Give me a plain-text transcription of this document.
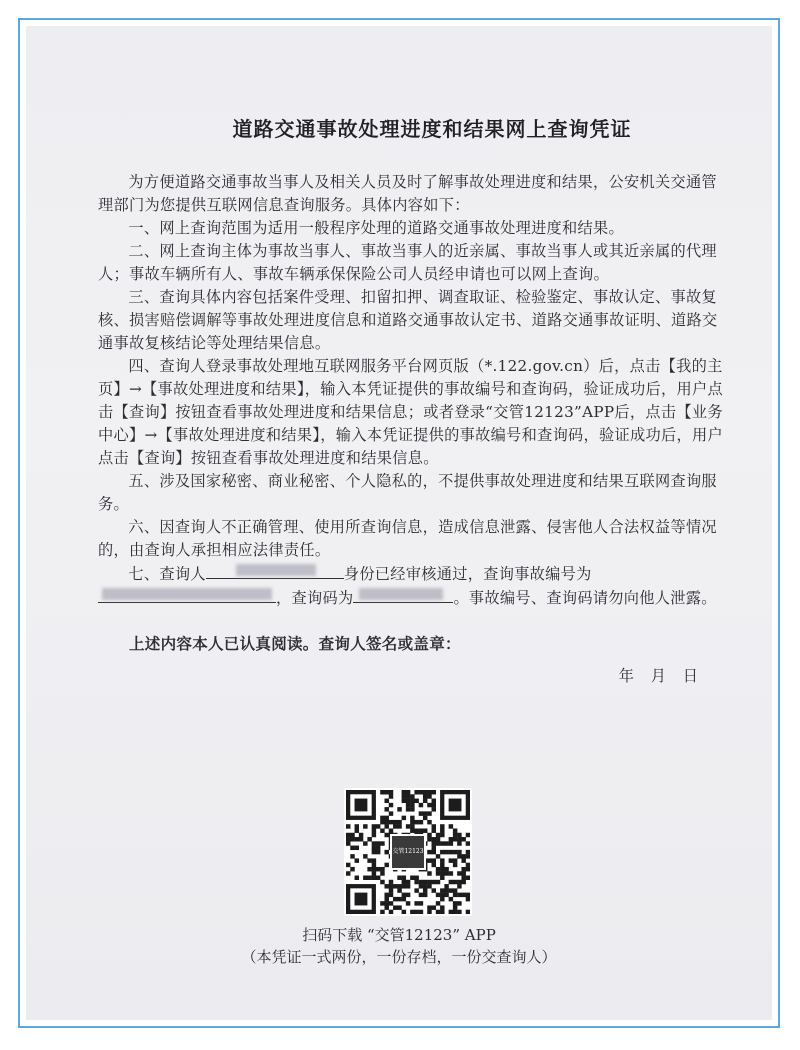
道路交通事故处理进度和结果网上查询凭证

为方便道路交通事故当事人及相关人员及时了解事故处理进度和结果，公安机关交通管理部门为您提供互联网信息查询服务。具体内容如下：

一、网上查询范围为适用一般程序处理的道路交通事故处理进度和结果。

二、网上查询主体为事故当事人、事故当事人的近亲属、事故当事人或其近亲属的代理人；事故车辆所有人、事故车辆承保保险公司人员经申请也可以网上查询。

三、查询具体内容包括案件受理、扣留扣押、调查取证、检验鉴定、事故认定、事故复核、损害赔偿调解等事故处理进度信息和道路交通事故认定书、道路交通事故证明、道路交通事故复核结论等处理结果信息。

四、查询人登录事故处理地互联网服务平台网页版（*.122.gov.cn）后，点击【我的主页】→【事故处理进度和结果】，输入本凭证提供的事故编号和查询码，验证成功后，用户点击【查询】按钮查看事故处理进度和结果信息；或者登录“交管12123”APP后，点击【业务中心】→【事故处理进度和结果】，输入本凭证提供的事故编号和查询码，验证成功后，用户点击【查询】按钮查看事故处理进度和结果信息。

五、涉及国家秘密、商业秘密、个人隐私的，不提供事故处理进度和结果互联网查询服务。

六、因查询人不正确管理、使用所查询信息，造成信息泄露、侵害他人合法权益等情况的，由查询人承担相应法律责任。

七、查询人	身份已经审核通过，查询事故编号为，查询码为	。事故编号、查询码请勿向他人泄露。

上述内容本人已认真阅读。查询人签名或盖章：
年 月 日
交管12123
扫码下载 “交管12123” APP
（本凭证一式两份，一份存档，一份交查询人）
